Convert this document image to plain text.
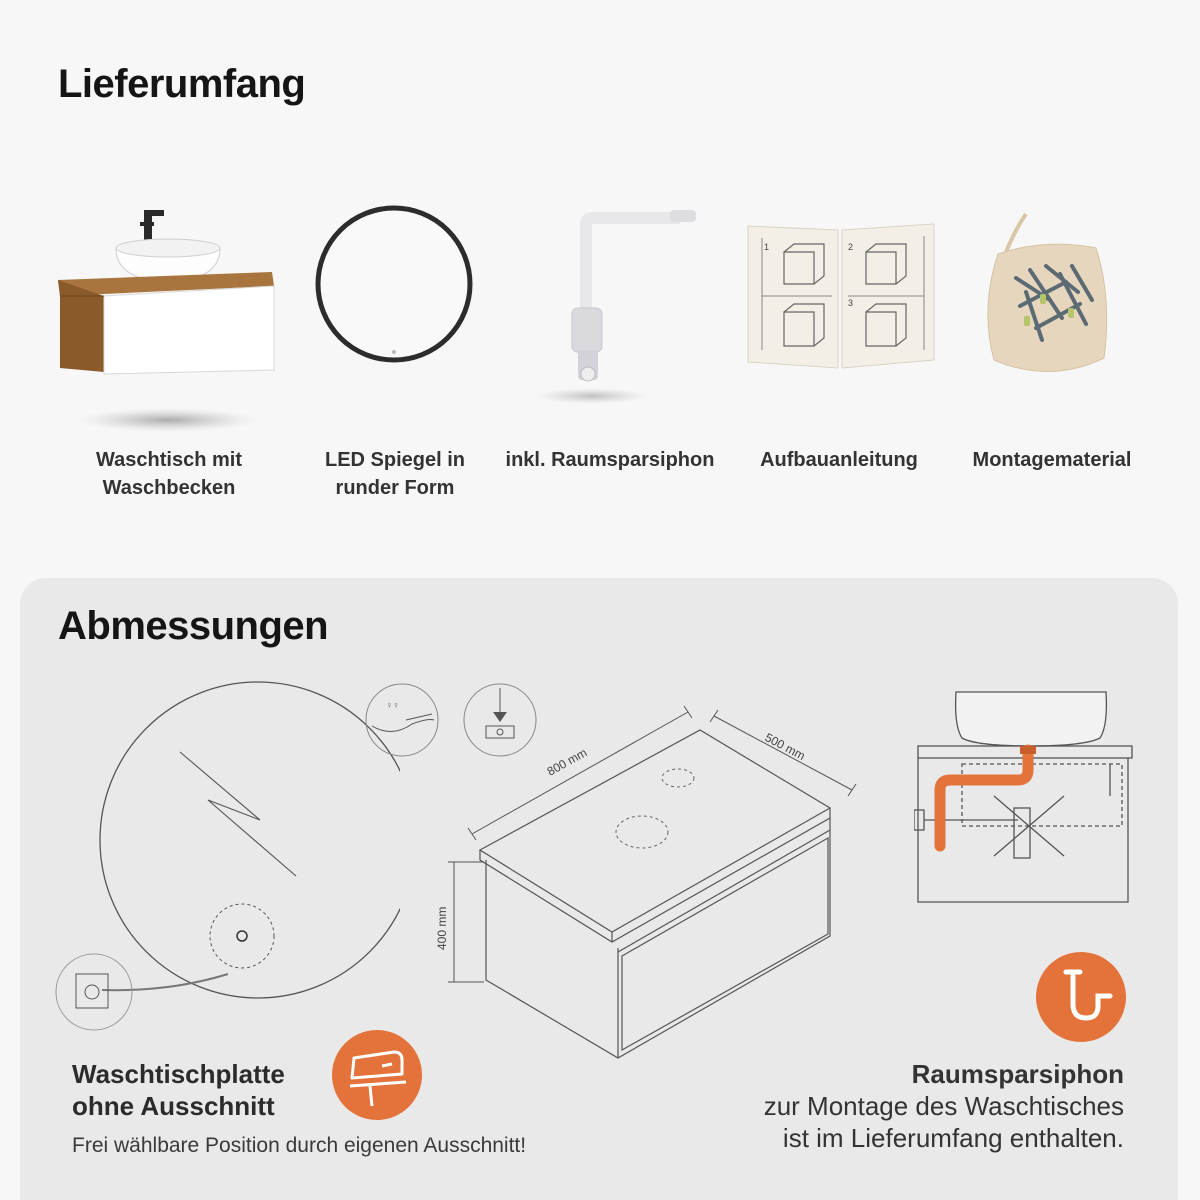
Lieferumfang
1	2
3
Waschtisch mit
Waschbecken
LED Spiegel in
runder Form
inkl. Raumsparsiphon	Aufbauanleitung	Montagematerial
Abmessungen
♀♀
800 mm	500 mm
400 mm
Waschtischplatte
ohne Ausschnitt
Frei wählbare Position durch eigenen Ausschnitt!
Raumsparsiphon
zur Montage des Waschtisches
ist im Lieferumfang enthalten.
